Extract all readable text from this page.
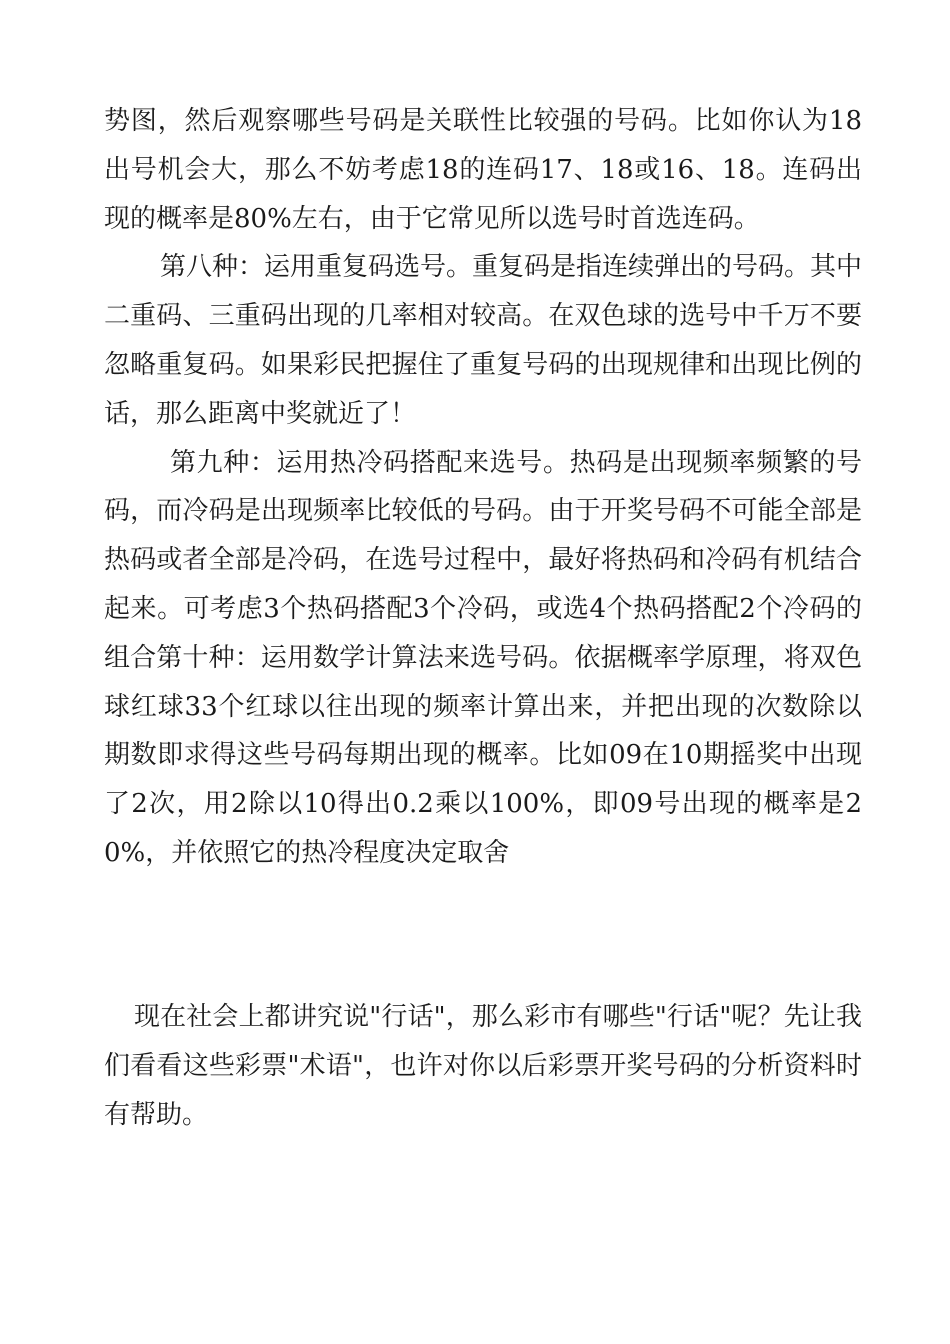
势图，然后观察哪些号码是关联性比较强的号码。比如你认为18出号机会大，那么不妨考虑18的连码17、18或16、18。连码出现的概率是80%左右，由于它常见所以选号时首选连码。

第八种：运用重复码选号。重复码是指连续弹出的号码。其中二重码、三重码出现的几率相对较高。在双色球的选号中千万不要忽略重复码。如果彩民把握住了重复号码的出现规律和出现比例的话，那么距离中奖就近了！

第九种：运用热冷码搭配来选号。热码是出现频率频繁的号码，而冷码是出现频率比较低的号码。由于开奖号码不可能全部是热码或者全部是冷码，在选号过程中，最好将热码和冷码有机结合起来。可考虑3个热码搭配3个冷码，或选4个热码搭配2个冷码的组合第十种：运用数学计算法来选号码。依据概率学原理，将双色球红球33个红球以往出现的频率计算出来，并把出现的次数除以期数即求得这些号码每期出现的概率。比如09在10期摇奖中出现了2次，用2除以10得出0.2乘以100%，即09号出现的概率是20%，并依照它的热冷程度决定取舍

现在社会上都讲究说"行话"，那么彩市有哪些"行话"呢？先让我们看看这些彩票"术语"，也许对你以后彩票开奖号码的分析资料时有帮助。
